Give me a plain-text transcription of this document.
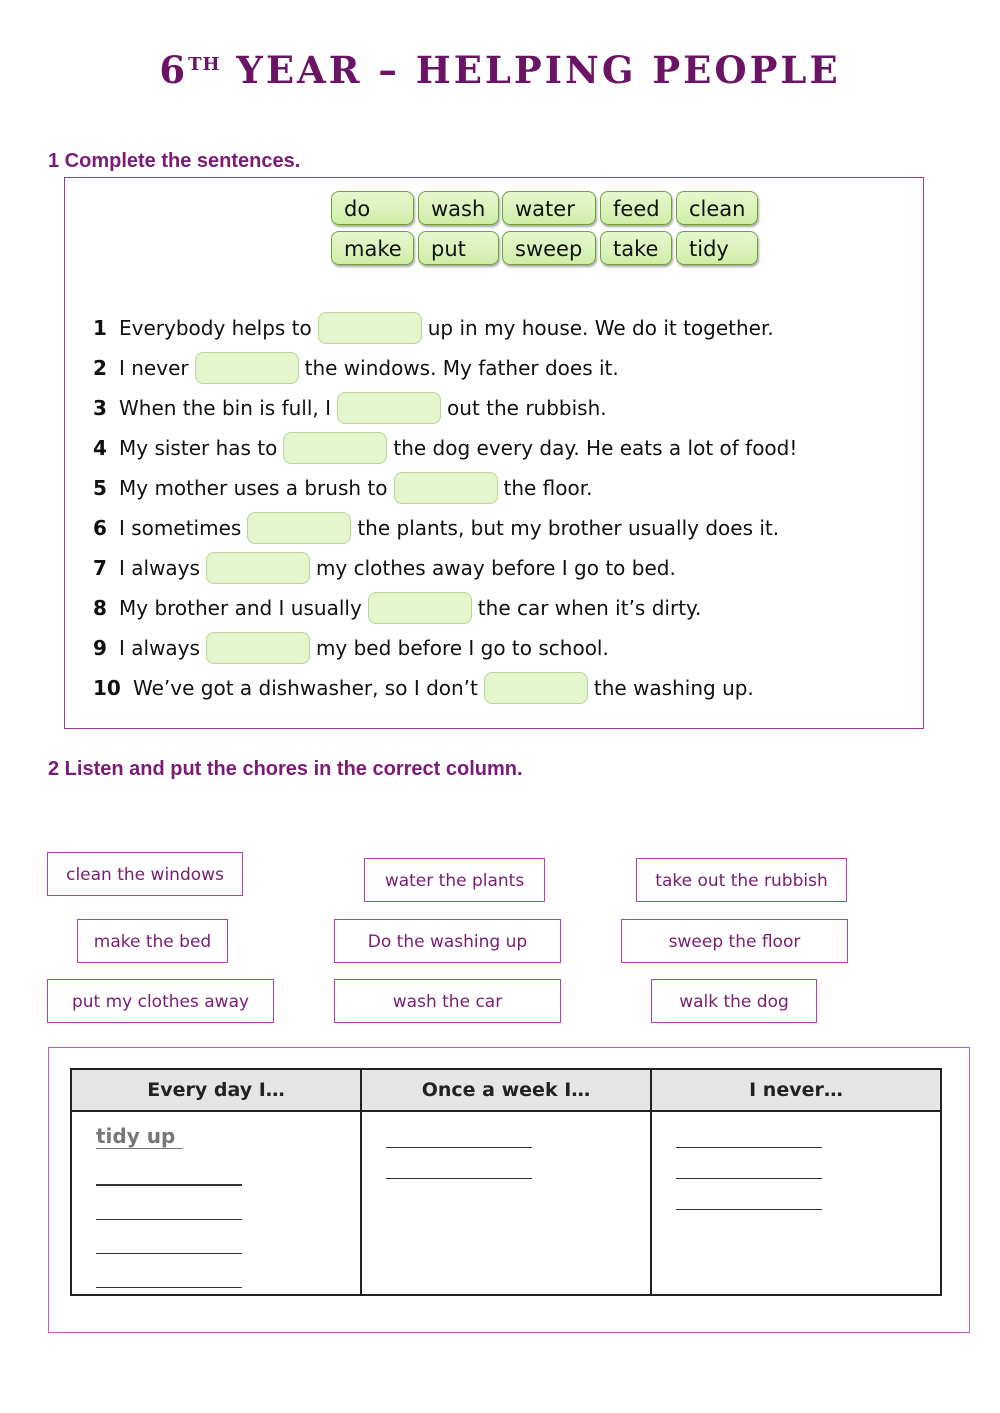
6TH YEAR – HELPING PEOPLE
1 Complete the sentences.
do	wash	water	feed	clean
make	put	sweep	take	tidy
1 Everybody helps to	up in my house. We do it together.
2 I never	the windows. My father does it.
3 When the bin is full, I	out the rubbish.
4 My sister has to	the dog every day. He eats a lot of food!
5 My mother uses a brush to	the floor.
6 I sometimes	the plants, but my brother usually does it.
7 I always	my clothes away before I go to bed.
8 My brother and I usually	the car when it’s dirty.
9 I always	my bed before I go to school.
10 We’ve got a dishwasher, so I don’t	the washing up.
2 Listen and put the chores in the correct column.
clean the windows	water the plants	take out the rubbish
make the bed	Do the washing up	sweep the floor
put my clothes away	wash the car	walk the dog
Every day I…	Once a week I…	I never…

tidy up		
